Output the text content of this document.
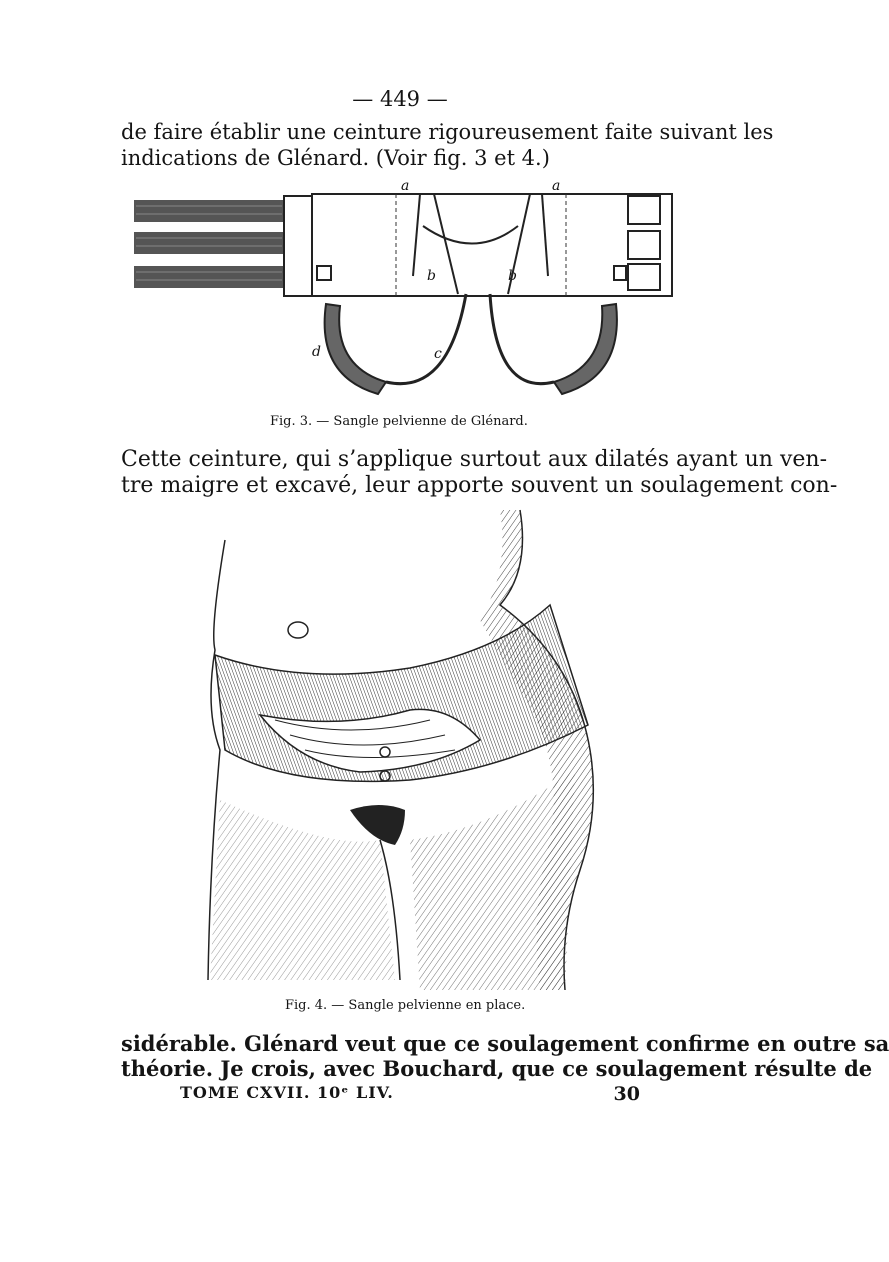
— 449 —
de faire établir une ceinture rigoureusement faite suivant les
indications de Glénard. (Voir fig. 3 et 4.)
a	a
b	b
d	c
Fig. 3. — Sangle pelvienne de Glénard.
Cette ceinture, qui s’applique surtout aux dilatés ayant un ven-
tre maigre et excavé, leur apporte souvent un soulagement con-
Fig. 4. — Sangle pelvienne en place.
sidérable. Glénard veut que ce soulagement confirme en outre sa
théorie. Je crois, avec Bouchard, que ce soulagement résulte de
TOME CXVII. 10ᵉ LIV.	30
